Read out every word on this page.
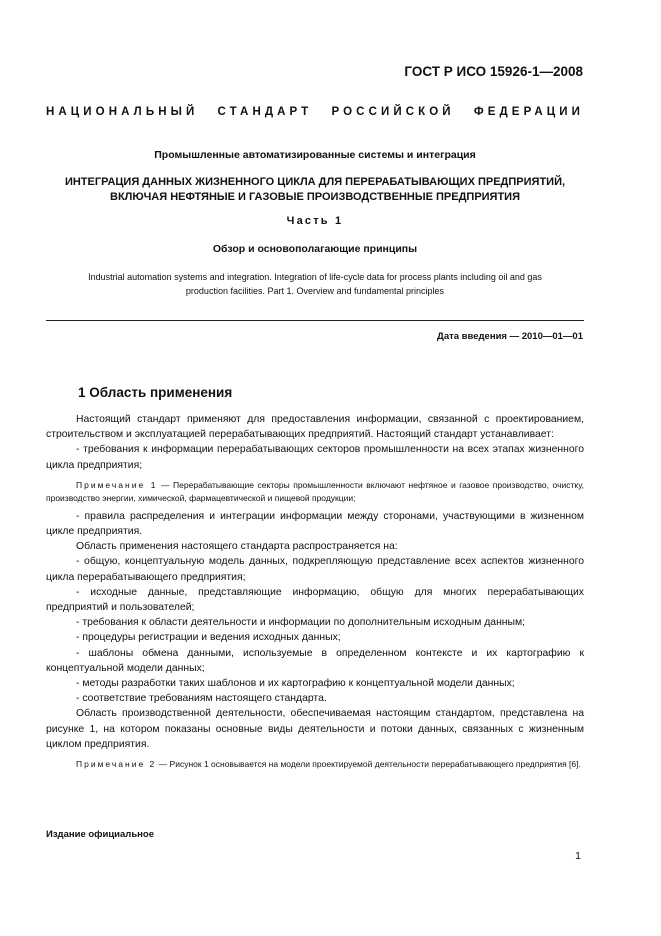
ГОСТ Р ИСО 15926-1—2008
НАЦИОНАЛЬНЫЙ СТАНДАРТ РОССИЙСКОЙ ФЕДЕРАЦИИ
Промышленные автоматизированные системы и интеграция
ИНТЕГРАЦИЯ ДАННЫХ ЖИЗНЕННОГО ЦИКЛА ДЛЯ ПЕРЕРАБАТЫВАЮЩИХ ПРЕДПРИЯТИЙ,
ВКЛЮЧАЯ НЕФТЯНЫЕ И ГАЗОВЫЕ ПРОИЗВОДСТВЕННЫЕ ПРЕДПРИЯТИЯ
Часть 1
Обзор и основополагающие принципы
Industrial automation systems and integration. Integration of life-cycle data for process plants including oil and gas
production facilities. Part 1. Overview and fundamental principles
Дата введения — 2010—01—01
1 Область применения

Настоящий стандарт применяют для предоставления информации, связанной с проектированием, строительством и эксплуатацией перерабатывающих предприятий. Настоящий стандарт устанавливает:

- требования к информации перерабатывающих секторов промышленности на всех этапах жизненного цикла предприятия;

Примечание 1 — Перерабатывающие секторы промышленности включают нефтяное и газовое производство, очистку, производство энергии, химической, фармацевтической и пищевой продукции;

- правила распределения и интеграции информации между сторонами, участвующими в жизненном цикле предприятия.

Область применения настоящего стандарта распространяется на:

- общую, концептуальную модель данных, подкрепляющую представление всех аспектов жизненного цикла перерабатывающего предприятия;

- исходные данные, представляющие информацию, общую для многих перерабатывающих предприятий и пользователей;

- требования к области деятельности и информации по дополнительным исходным данным;

- процедуры регистрации и ведения исходных данных;

- шаблоны обмена данными, используемые в определенном контексте и их картографию к концептуальной модели данных;

- методы разработки таких шаблонов и их картографию к концептуальной модели данных;

- соответствие требованиям настоящего стандарта.

Область производственной деятельности, обеспечиваемая настоящим стандартом, представлена на рисунке 1, на котором показаны основные виды деятельности и потоки данных, связанных с жизненным циклом предприятия.

Примечание 2 — Рисунок 1 основывается на модели проектируемой деятельности перерабатывающего предприятия [6].

Издание официальное
1
